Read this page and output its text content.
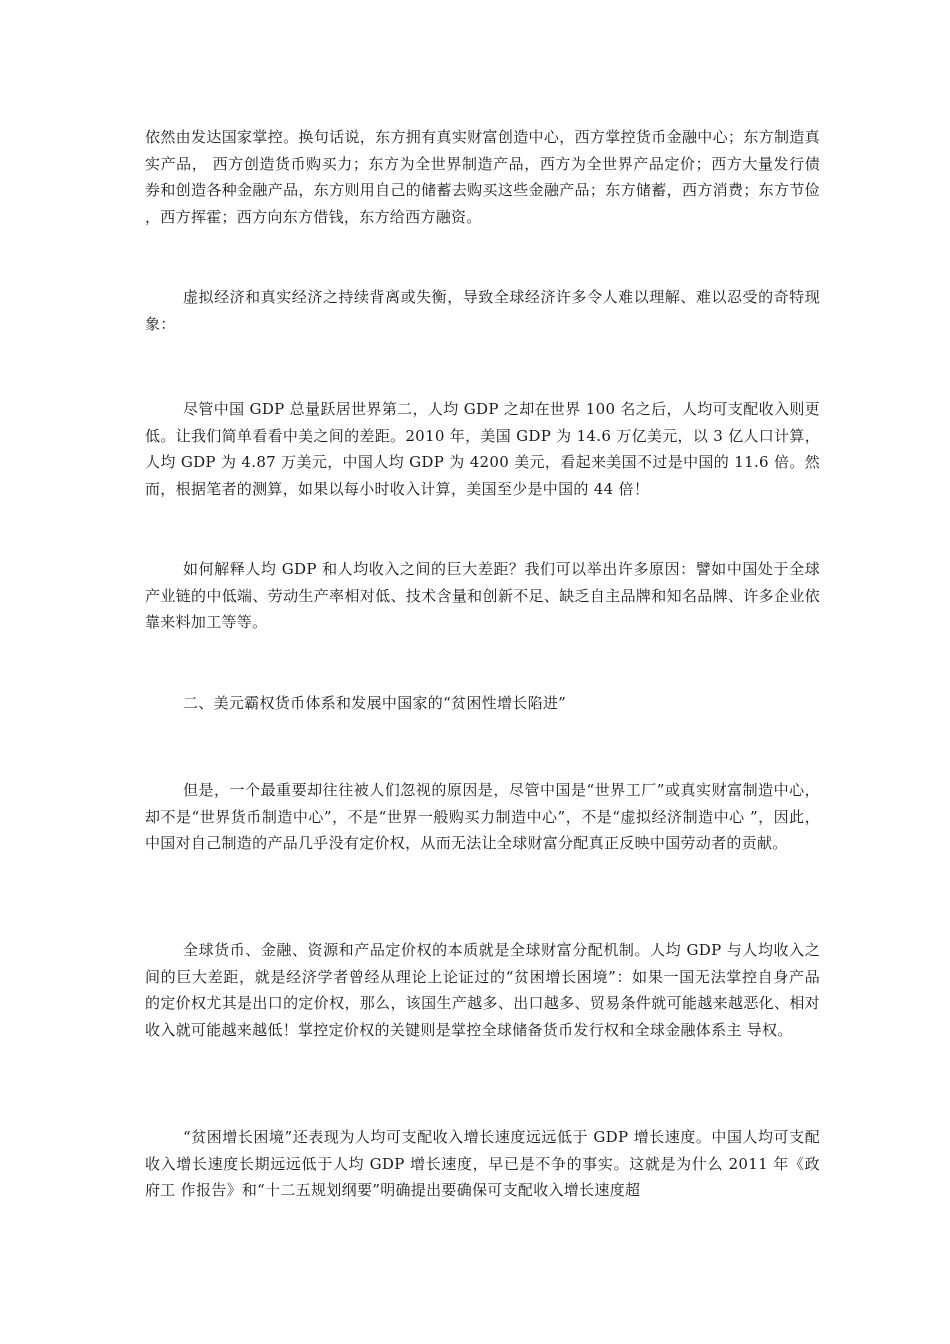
依然由发达国家掌控。换句话说，东方拥有真实财富创造中心，西方掌控货币金融中心；东方制造真实产品， 西方创造货币购买力；东方为全世界制造产品，西方为全世界产品定价；西方大量发行债券和创造各种金融产品，东方则用自己的储蓄去购买这些金融产品；东方储蓄，西方消费；东方节俭 ，西方挥霍；西方向东方借钱，东方给西方融资。

虚拟经济和真实经济之持续背离或失衡，导致全球经济许多令人难以理解、难以忍受的奇特现象：

尽管中国 GDP 总量跃居世界第二，人均 GDP 之却在世界 100 名之后，人均可支配收入则更低。让我们简单看看中美之间的差距。2010 年，美国 GDP 为 14.6 万亿美元，以 3 亿人口计算，人均 GDP 为 4.87 万美元，中国人均 GDP 为 4200 美元，看起来美国不过是中国的 11.6 倍。然而，根据笔者的测算，如果以每小时收入计算，美国至少是中国的 44 倍！

如何解释人均 GDP 和人均收入之间的巨大差距？我们可以举出许多原因：譬如中国处于全球产业链的中低端、劳动生产率相对低、技术含量和创新不足、缺乏自主品牌和知名品牌、许多企业依 靠来料加工等等。

二、美元霸权货币体系和发展中国家的“贫困性增长陷进”

但是，一个最重要却往往被人们忽视的原因是，尽管中国是“世界工厂”或真实财富制造中心，却不是“世界货币制造中心”，不是“世界一般购买力制造中心”，不是“虚拟经济制造中心 ”，因此，中国对自己制造的产品几乎没有定价权，从而无法让全球财富分配真正反映中国劳动者的贡献。

全球货币、金融、资源和产品定价权的本质就是全球财富分配机制。人均 GDP 与人均收入之间的巨大差距，就是经济学者曾经从理论上论证过的“贫困增长困境”：如果一国无法掌控自身产品 的定价权尤其是出口的定价权，那么，该国生产越多、出口越多、贸易条件就可能越来越恶化、相对收入就可能越来越低！掌控定价权的关键则是掌控全球储备货币发行权和全球金融体系主 导权。

“贫困增长困境”还表现为人均可支配收入增长速度远远低于 GDP 增长速度。中国人均可支配收入增长速度长期远远低于人均 GDP 增长速度，早已是不争的事实。这就是为什么 2011 年《政府工 作报告》和“十二五规划纲要”明确提出要确保可支配收入增长速度超
